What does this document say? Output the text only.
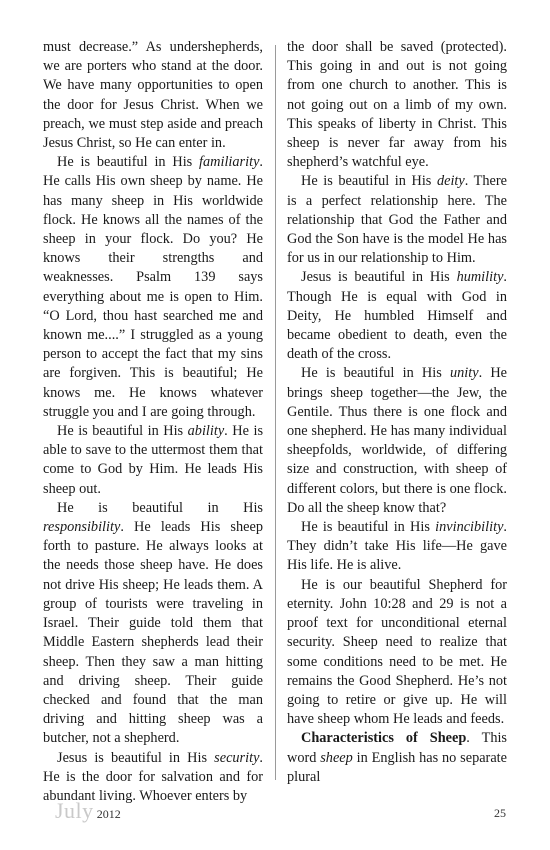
must decrease.” As undershepherds, we are porters who stand at the door. We have many opportunities to open the door for Jesus Christ. When we preach, we must step aside and preach Jesus Christ, so He can enter in.

He is beautiful in His familiarity. He calls His own sheep by name. He has many sheep in His worldwide flock. He knows all the names of the sheep in your flock. Do you? He knows their strengths and weaknesses. Psalm 139 says everything about me is open to Him. “O Lord, thou hast searched me and known me....” I struggled as a young person to accept the fact that my sins are forgiven. This is beautiful; He knows me. He knows whatever struggle you and I are going through.

He is beautiful in His ability. He is able to save to the uttermost them that come to God by Him. He leads His sheep out.

He is beautiful in His responsibility. He leads His sheep forth to pasture. He always looks at the needs those sheep have. He does not drive His sheep; He leads them. A group of tourists were traveling in Israel. Their guide told them that Middle Eastern shepherds lead their sheep. Then they saw a man hitting and driving sheep. Their guide checked and found that the man driving and hitting sheep was a butcher, not a shepherd.

Jesus is beautiful in His security. He is the door for salvation and for abundant living. Whoever enters by

the door shall be saved (protected). This going in and out is not going from one church to another. This is not going out on a limb of my own. This speaks of liberty in Christ. This sheep is never far away from his shepherd’s watchful eye.

He is beautiful in His deity. There is a perfect relationship here. The relationship that God the Father and God the Son have is the model He has for us in our relationship to Him.

Jesus is beautiful in His humility. Though He is equal with God in Deity, He humbled Himself and became obedient to death, even the death of the cross.

He is beautiful in His unity. He brings sheep together—the Jew, the Gentile. Thus there is one flock and one shepherd. He has many individual sheepfolds, worldwide, of differing size and construction, with sheep of different colors, but there is one flock. Do all the sheep know that?

He is beautiful in His invincibility. They didn’t take His life—He gave His life. He is alive.

He is our beautiful Shepherd for eternity. John 10:28 and 29 is not a proof text for unconditional eternal security. Sheep need to realize that some conditions need to be met. He remains the Good Shepherd. He’s not going to retire or give up. He will have sheep whom He leads and feeds.

Characteristics of Sheep. This word sheep in English has no separate plural

July 2012	25
